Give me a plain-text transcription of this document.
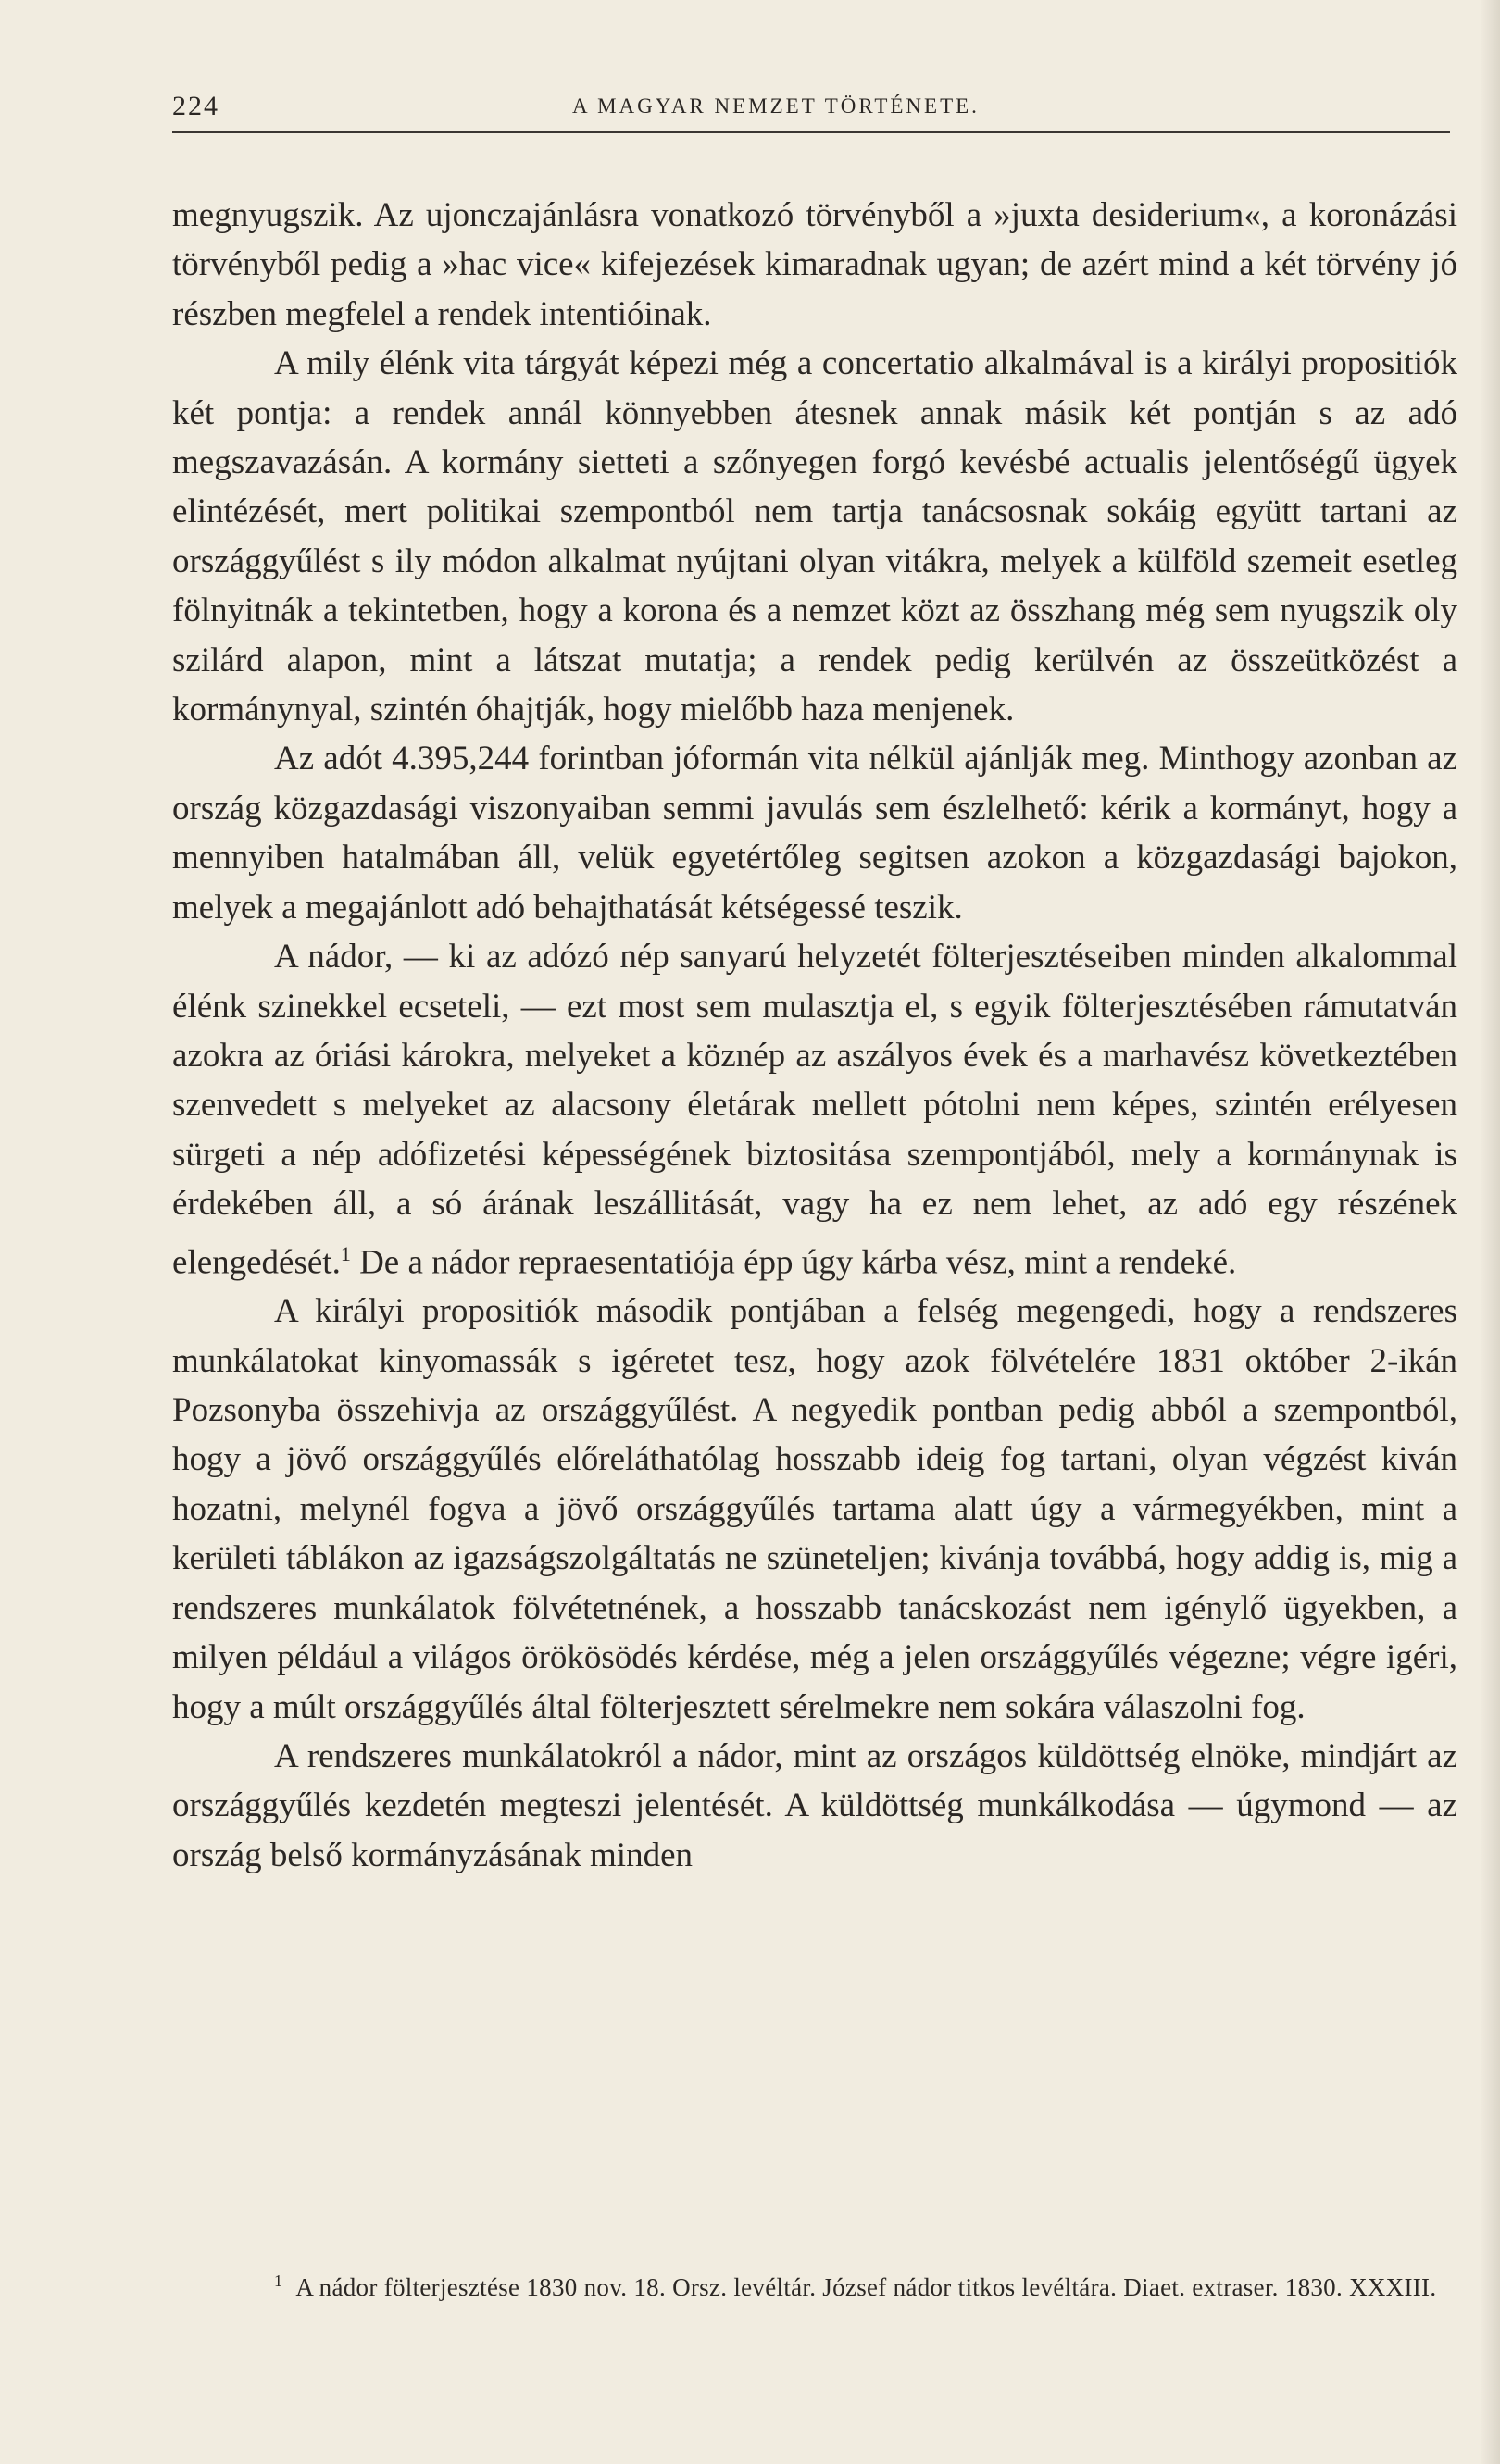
224	A MAGYAR NEMZET TÖRTÉNETE.

megnyugszik. Az ujonczajánlásra vonatkozó törvényből a »juxta desiderium«, a koronázási törvényből pedig a »hac vice« kifejezések kimaradnak ugyan; de azért mind a két törvény jó részben megfelel a rendek intentióinak.

A mily élénk vita tárgyát képezi még a concertatio alkalmával is a királyi propositiók két pontja: a rendek annál könnyebben átesnek annak másik két pontján s az adó megszavazásán. A kormány sietteti a szőnyegen forgó kevésbé actualis jelentőségű ügyek elintézését, mert politikai szempontból nem tartja tanácsosnak sokáig együtt tartani az országgyűlést s ily módon alkalmat nyújtani olyan vitákra, melyek a külföld szemeit esetleg fölnyitnák a tekintetben, hogy a korona és a nemzet közt az összhang még sem nyugszik oly szilárd alapon, mint a látszat mutatja; a rendek pedig kerülvén az összeütközést a kormánynyal, szintén óhajtják, hogy mielőbb haza menjenek.

Az adót 4.395,244 forintban jóformán vita nélkül ajánlják meg. Minthogy azonban az ország közgazdasági viszonyaiban semmi javulás sem észlelhető: kérik a kormányt, hogy a mennyiben hatalmában áll, velük egyetértőleg segitsen azokon a közgazdasági bajokon, melyek a megajánlott adó behajthatását kétségessé teszik.

A nádor, — ki az adózó nép sanyarú helyzetét fölterjesztéseiben minden alkalommal élénk szinekkel ecseteli, — ezt most sem mulasztja el, s egyik fölterjesztésében rámutatván azokra az óriási károkra, melyeket a köznép az aszályos évek és a marhavész következtében szenvedett s melyeket az alacsony életárak mellett pótolni nem képes, szintén erélyesen sürgeti a nép adófizetési képességének biztositása szempontjából, mely a kormánynak is érdekében áll, a só árának leszállitását, vagy ha ez nem lehet, az adó egy részének elengedését.$^1$ De a nádor repraesentatiója épp úgy kárba vész, mint a rendeké.

A királyi propositiók második pontjában a felség megengedi, hogy a rendszeres munkálatokat kinyomassák s igéretet tesz, hogy azok fölvételére 1831 október 2-ikán Pozsonyba összehivja az országgyűlést. A negyedik pontban pedig abból a szempontból, hogy a jövő országgyűlés előreláthatólag hosszabb ideig fog tartani, olyan végzést kiván hozatni, melynél fogva a jövő országgyűlés tartama alatt úgy a vármegyékben, mint a kerületi táblákon az igazságszolgáltatás ne szüneteljen; kivánja továbbá, hogy addig is, mig a rendszeres munkálatok fölvétetnének, a hosszabb tanácskozást nem igénylő ügyekben, a milyen például a világos örökösödés kérdése, még a jelen országgyűlés végezne; végre igéri, hogy a múlt országgyűlés által fölterjesztett sérelmekre nem sokára válaszolni fog.

A rendszeres munkálatokról a nádor, mint az országos küldöttség elnöke, mindjárt az országgyűlés kezdetén megteszi jelentését. A küldöttség munkálkodása — úgymond — az ország belső kormányzásának minden

$^1$ A nádor fölterjesztése 1830 nov. 18. Orsz. levéltár. József nádor titkos levéltára. Diaet. extraser. 1830. XXXIII.
